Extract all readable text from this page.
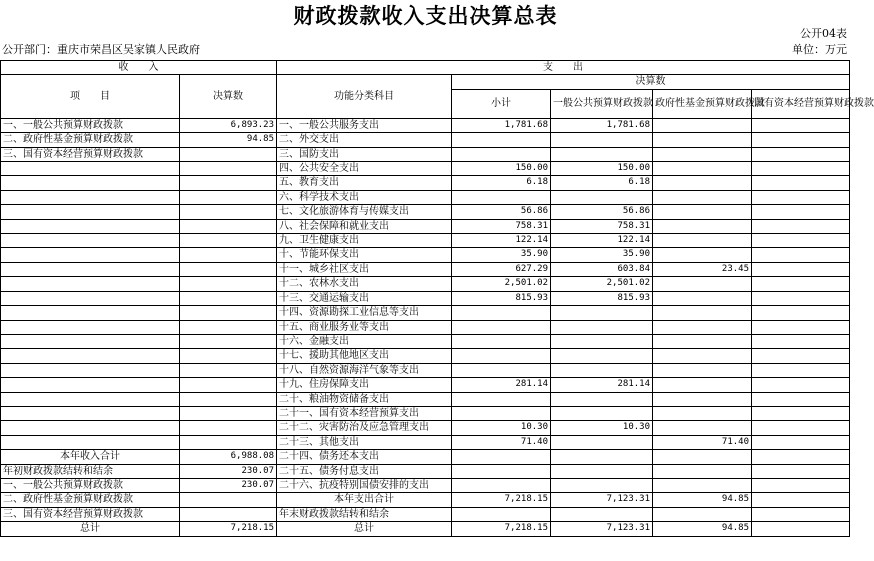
财政拨款收入支出决算总表
公开04表
公开部门：重庆市荣昌区吴家镇人民政府	单位：万元
收　　入		支　　出				
项　　目	决算数	功能分类科目	决算数			
			小计	一般公共预算财政拨款	政府性基金预算财政拨款	国有资本经营预算财政拨款
一、一般公共预算财政拨款	6,893.23	一、一般公共服务支出	1,781.68	1,781.68		
二、政府性基金预算财政拨款	94.85	二、外交支出				
三、国有资本经营预算财政拨款		三、国防支出				
		四、公共安全支出	150.00	150.00		
		五、教育支出	6.18	6.18		
		六、科学技术支出				
		七、文化旅游体育与传媒支出	56.86	56.86		
		八、社会保障和就业支出	758.31	758.31		
		九、卫生健康支出	122.14	122.14		
		十、节能环保支出	35.90	35.90		
		十一、城乡社区支出	627.29	603.84	23.45	
		十二、农林水支出	2,501.02	2,501.02		
		十三、交通运输支出	815.93	815.93		
		十四、资源勘探工业信息等支出				
		十五、商业服务业等支出				
		十六、金融支出				
		十七、援助其他地区支出				
		十八、自然资源海洋气象等支出				
		十九、住房保障支出	281.14	281.14		
		二十、粮油物资储备支出				
		二十一、国有资本经营预算支出				
		二十二、灾害防治及应急管理支出	10.30	10.30		
		二十三、其他支出	71.40		71.40	
本年收入合计	6,988.08	二十四、债务还本支出				
年初财政拨款结转和结余	230.07	二十五、债务付息支出				
一、一般公共预算财政拨款	230.07	二十六、抗疫特别国债安排的支出				
二、政府性基金预算财政拨款		本年支出合计	7,218.15	7,123.31	94.85	
三、国有资本经营预算财政拨款		年末财政拨款结转和结余				
总计	7,218.15	总计	7,218.15	7,123.31	94.85	
